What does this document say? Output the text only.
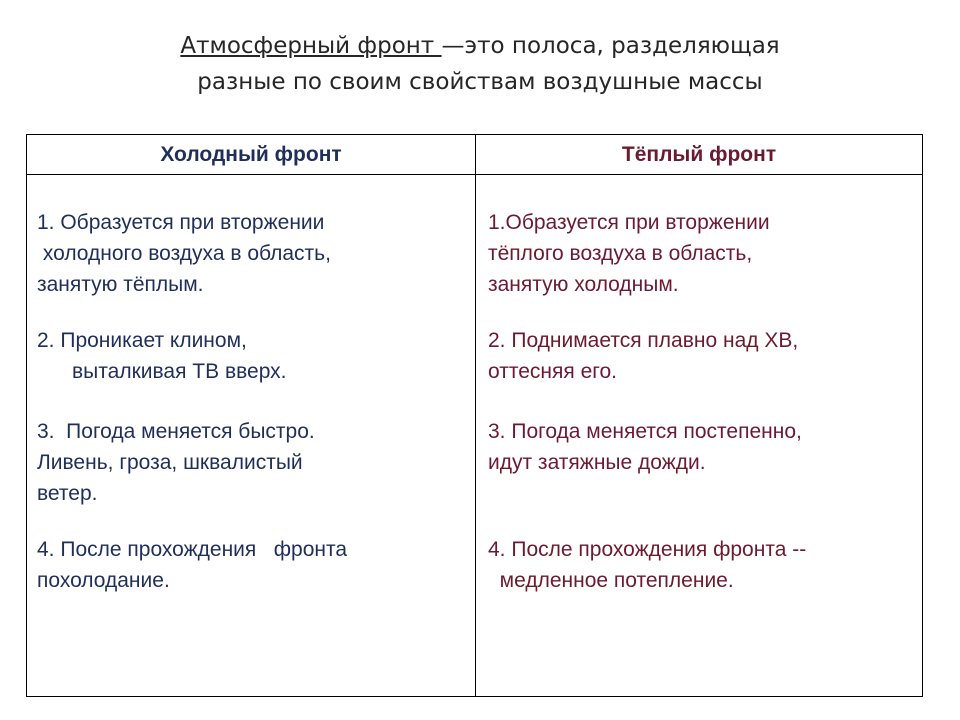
Атмосферный фронт —это полоса, разделяющая
разные по своим свойствам воздушные массы
Холодный фронт	Тёплый фронт
1. Образуется при вторжении
холодного воздуха в область,
занятую тёплым.
2. Проникает клином,
выталкивая ТВ вверх.
3.  Погода меняется быстро.
Ливень, гроза, шквалистый
ветер.
4. После прохождения   фронта
похолодание.
1.Образуется при вторжении
тёплого воздуха в область,
занятую холодным.
2. Поднимается плавно над ХВ,
оттесняя его.
3. Погода меняется постепенно,
идут затяжные дожди.
4. После прохождения фронта --
медленное потепление.
